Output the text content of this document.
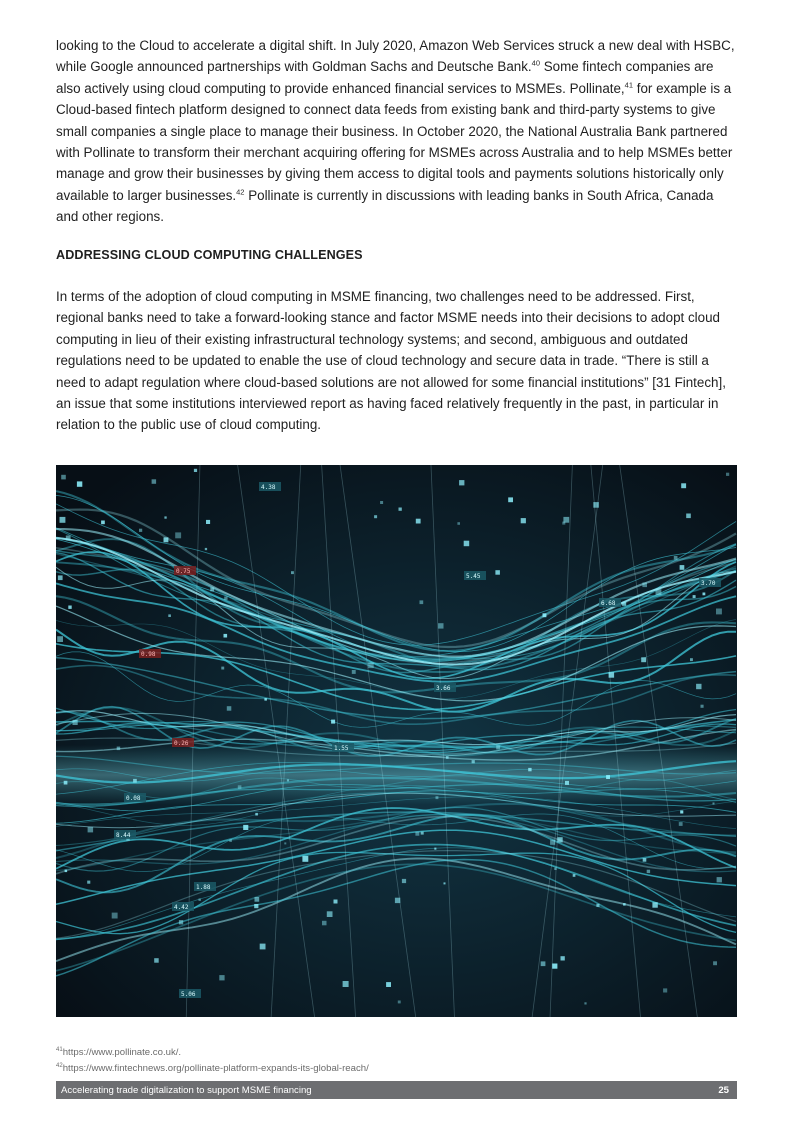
looking to the Cloud to accelerate a digital shift. In July 2020, Amazon Web Services struck a new deal with HSBC, while Google announced partnerships with Goldman Sachs and Deutsche Bank.$^{40}$ Some fintech companies are also actively using cloud computing to provide enhanced financial services to MSMEs. Pollinate,$^{41}$ for example is a Cloud-based fintech platform designed to connect data feeds from existing bank and third-party systems to give small companies a single place to manage their business. In October 2020, the National Australia Bank partnered with Pollinate to transform their merchant acquiring offering for MSMEs across Australia and to help MSMEs better manage and grow their businesses by giving them access to digital tools and payments solutions historically only available to larger businesses.$^{42}$ Pollinate is currently in discussions with leading banks in South Africa, Canada and other regions.

ADDRESSING CLOUD COMPUTING CHALLENGES

In terms of the adoption of cloud computing in MSME financing, two challenges need to be addressed. First, regional banks need to take a forward-looking stance and factor MSME needs into their decisions to adopt cloud computing in lieu of their existing infrastructural technology systems; and second, ambiguous and outdated regulations need to be updated to enable the use of cloud technology and secure data in trade. “There is still a need to adapt regulation where cloud-based solutions are not allowed for some financial institutions” [31 Fintech], an issue that some institutions interviewed report as having faced relatively frequently in the past, in particular in relation to the public use of cloud computing.

4.38
0.75
0.98
0.26
1.55
3.66
6.68
5.45
3.70
0.08
8.44
1.88
4.42
5.06
$^{41}$https://www.pollinate.co.uk/.
$^{42}$https://www.fintechnews.org/pollinate-platform-expands-its-global-reach/
Accelerating trade digitalization to support MSME financing	25
